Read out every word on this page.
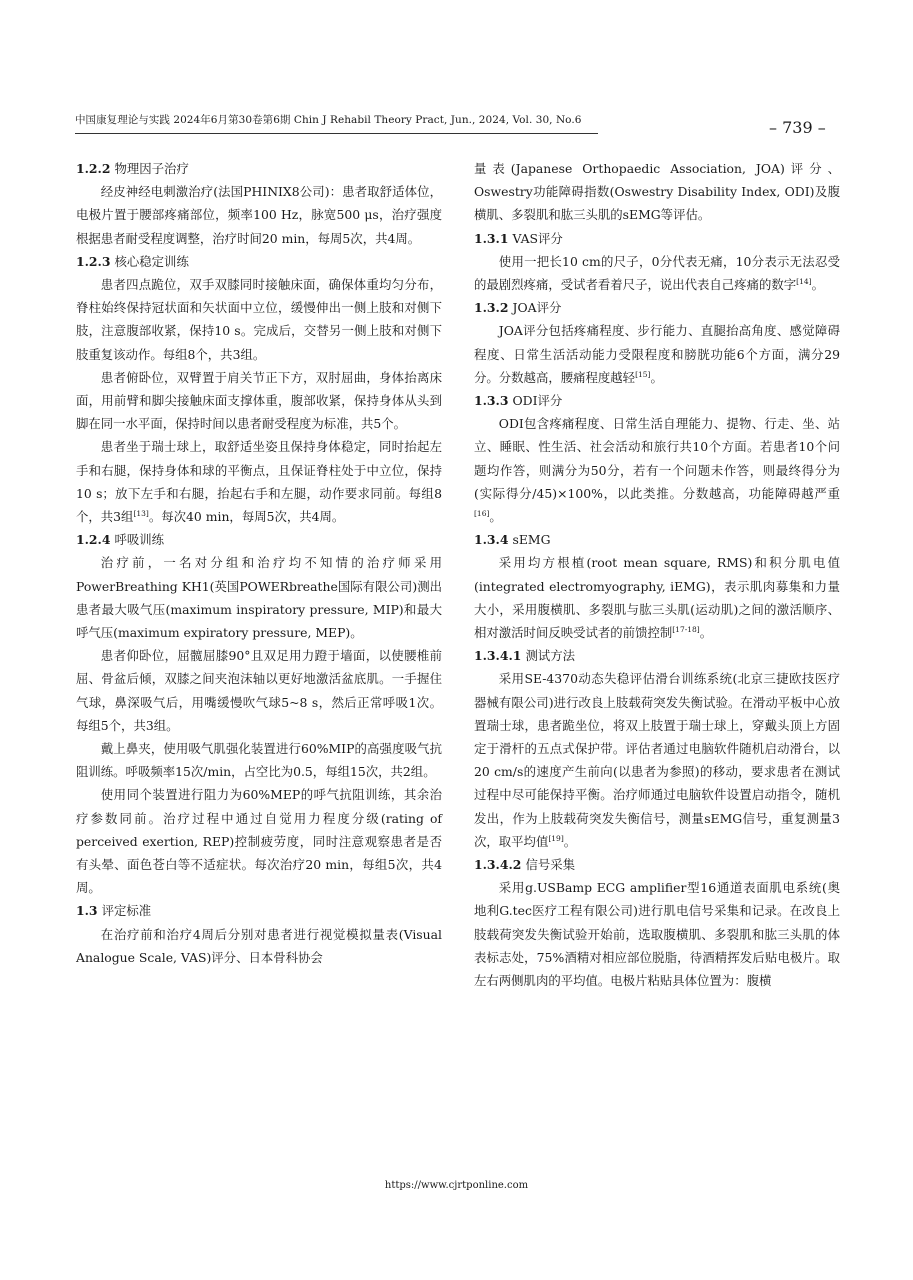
中国康复理论与实践 2024年6月第30卷第6期 Chin J Rehabil Theory Pract, Jun., 2024, Vol. 30, No.6	– 739 –
1.2.2 物理因子治疗

经皮神经电刺激治疗(法国PHINIX8公司)：患者取舒适体位，电极片置于腰部疼痛部位，频率100 Hz，脉宽500 μs，治疗强度根据患者耐受程度调整，治疗时间20 min，每周5次，共4周。

1.2.3 核心稳定训练

患者四点跪位，双手双膝同时接触床面，确保体重均匀分布，脊柱始终保持冠状面和矢状面中立位，缓慢伸出一侧上肢和对侧下肢，注意腹部收紧，保持10 s。完成后，交替另一侧上肢和对侧下肢重复该动作。每组8个，共3组。

患者俯卧位，双臂置于肩关节正下方，双肘屈曲，身体抬离床面，用前臂和脚尖接触床面支撑体重，腹部收紧，保持身体从头到脚在同一水平面，保持时间以患者耐受程度为标准，共5个。

患者坐于瑞士球上，取舒适坐姿且保持身体稳定，同时抬起左手和右腿，保持身体和球的平衡点，且保证脊柱处于中立位，保持10 s；放下左手和右腿，抬起右手和左腿，动作要求同前。每组8个，共3组[13]。每次40 min，每周5次，共4周。

1.2.4 呼吸训练

治疗前，一名对分组和治疗均不知情的治疗师采用PowerBreathing KH1(英国POWERbreathe国际有限公司)测出患者最大吸气压(maximum inspiratory pressure, MIP)和最大呼气压(maximum expiratory pressure, MEP)。

患者仰卧位，屈髋屈膝90°且双足用力蹬于墙面，以使腰椎前屈、骨盆后倾，双膝之间夹泡沫轴以更好地激活盆底肌。一手握住气球，鼻深吸气后，用嘴缓慢吹气球5~8 s，然后正常呼吸1次。每组5个，共3组。

戴上鼻夹，使用吸气肌强化装置进行60%MIP的高强度吸气抗阻训练。呼吸频率15次/min，占空比为0.5，每组15次，共2组。

使用同个装置进行阻力为60%MEP的呼气抗阻训练，其余治疗参数同前。治疗过程中通过自觉用力程度分级(rating of perceived exertion, REP)控制疲劳度，同时注意观察患者是否有头晕、面色苍白等不适症状。每次治疗20 min，每组5次，共4周。

1.3 评定标准

在治疗前和治疗4周后分别对患者进行视觉模拟量表(Visual Analogue Scale, VAS)评分、日本骨科协会

量表(Japanese Orthopaedic Association, JOA)评分、Oswestry功能障碍指数(Oswestry Disability Index, ODI)及腹横肌、多裂肌和肱三头肌的sEMG等评估。

1.3.1 VAS评分

使用一把长10 cm的尺子，0分代表无痛，10分表示无法忍受的最剧烈疼痛，受试者看着尺子，说出代表自己疼痛的数字[14]。

1.3.2 JOA评分

JOA评分包括疼痛程度、步行能力、直腿抬高角度、感觉障碍程度、日常生活活动能力受限程度和膀胱功能6个方面，满分29分。分数越高，腰痛程度越轻[15]。

1.3.3 ODI评分

ODI包含疼痛程度、日常生活自理能力、提物、行走、坐、站立、睡眠、性生活、社会活动和旅行共10个方面。若患者10个问题均作答，则满分为50分，若有一个问题未作答，则最终得分为(实际得分/45)×100%，以此类推。分数越高，功能障碍越严重[16]。

1.3.4 sEMG

采用均方根植(root mean square, RMS)和积分肌电值(integrated electromyography, iEMG)，表示肌肉募集和力量大小，采用腹横肌、多裂肌与肱三头肌(运动肌)之间的激活顺序、相对激活时间反映受试者的前馈控制[17-18]。

1.3.4.1 测试方法

采用SE-4370动态失稳评估滑台训练系统(北京三捷欧技医疗器械有限公司)进行改良上肢载荷突发失衡试验。在滑动平板中心放置瑞士球，患者跪坐位，将双上肢置于瑞士球上，穿戴头顶上方固定于滑杆的五点式保护带。评估者通过电脑软件随机启动滑台，以20 cm/s的速度产生前向(以患者为参照)的移动，要求患者在测试过程中尽可能保持平衡。治疗师通过电脑软件设置启动指令，随机发出，作为上肢载荷突发失衡信号，测量sEMG信号，重复测量3次，取平均值[19]。

1.3.4.2 信号采集

采用g.USBamp ECG amplifier型16通道表面肌电系统(奥地利G.tec医疗工程有限公司)进行肌电信号采集和记录。在改良上肢载荷突发失衡试验开始前，选取腹横肌、多裂肌和肱三头肌的体表标志处，75%酒精对相应部位脱脂，待酒精挥发后贴电极片。取左右两侧肌肉的平均值。电极片粘贴具体位置为：腹横

https://www.cjrtponline.com
